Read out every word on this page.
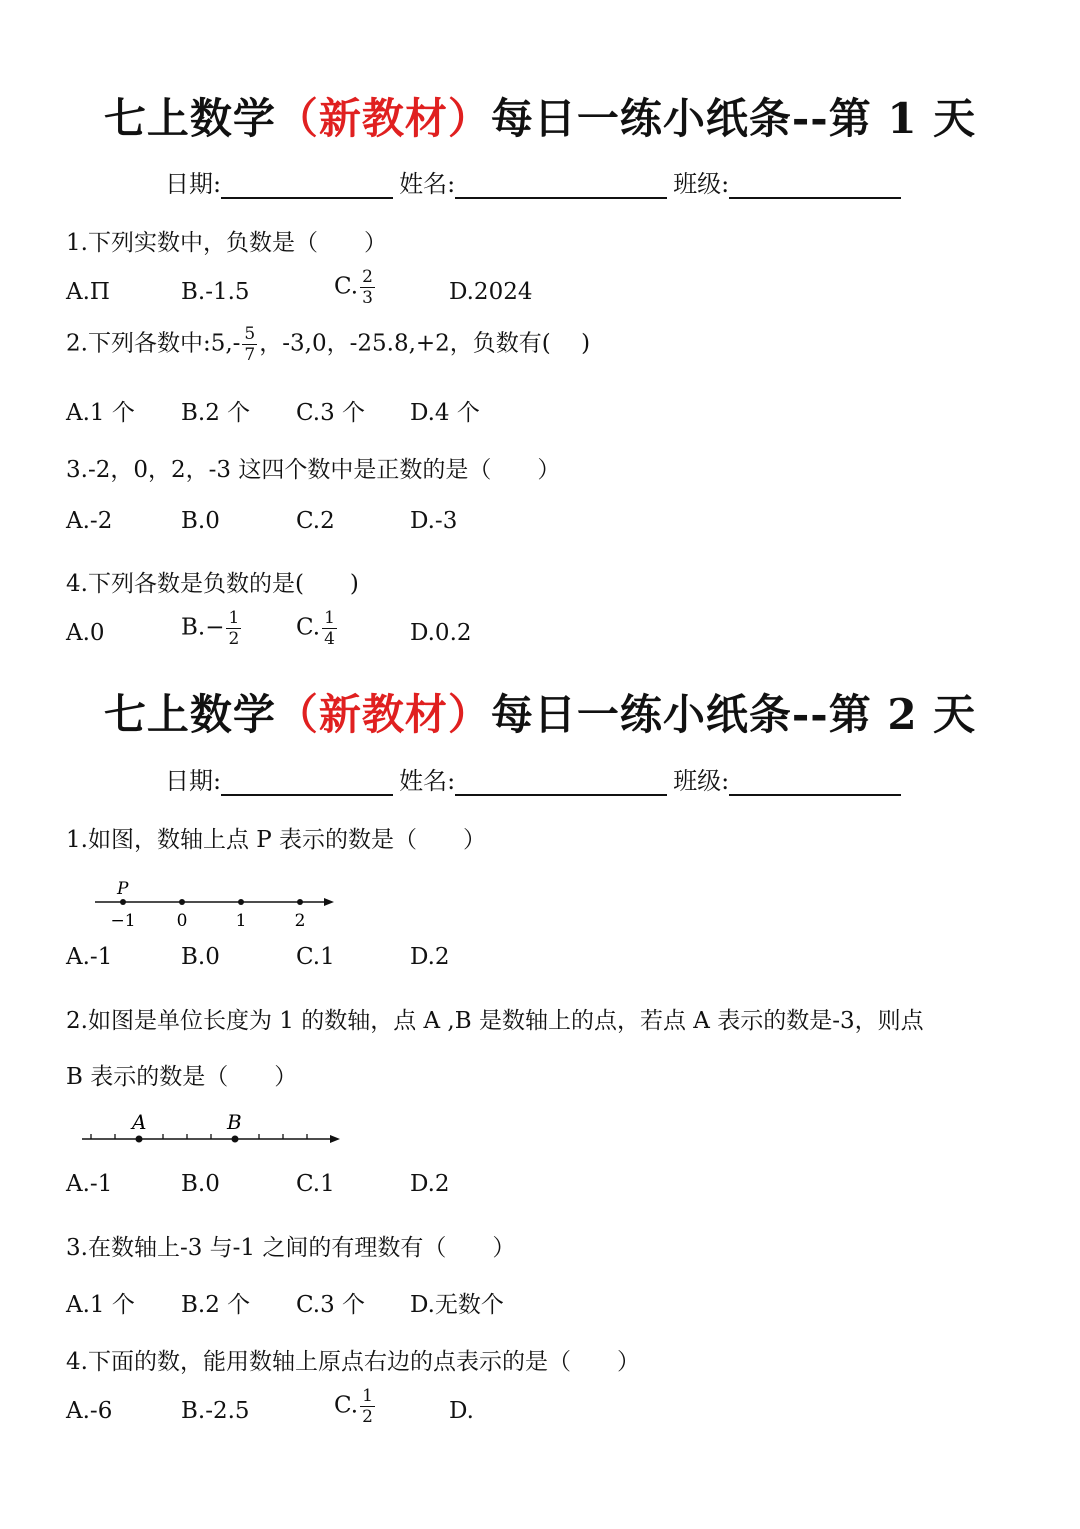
七上数学（新教材）每日一练小纸条--第 1 天
日期:	姓名:	班级:
1.下列实数中，负数是（　　）
A.Π	B.-1.5	C. $\frac{2}{3}$	D.2024
2.下列各数中:5,- $\frac{5}{7}$ ，-3,0，-25.8,+2，负数有(　 )
A.1 个 B.2 个 C.3 个 D.4 个
3.-2，0，2，-3 这四个数中是正数的是（　　）
A.-2	B.0	C.2	D.-3
4.下列各数是负数的是(　　)
A.0	$B.- \frac{1}{2} C$. $\frac{1}{4}$	D.0.2
七上数学（新教材）每日一练小纸条--第 2 天
日期:	姓名:	班级:
1.如图，数轴上点 P 表示的数是（　　）
P
−1 0	1	2
A.-1	B.0	C.1	D.2
2.如图是单位长度为 1 的数轴，点 A ,B 是数轴上的点，若点 A 表示的数是-3，则点
B 表示的数是（　　）
A	B
A.-1	B.0	C.1	D.2
3.在数轴上-3 与-1 之间的有理数有（　　）
A.1 个 B.2 个 C.3 个 D.无数个
4.下面的数，能用数轴上原点右边的点表示的是（　　）
A.-6	B.-2.5	C. $\frac{1}{2}$	D.
